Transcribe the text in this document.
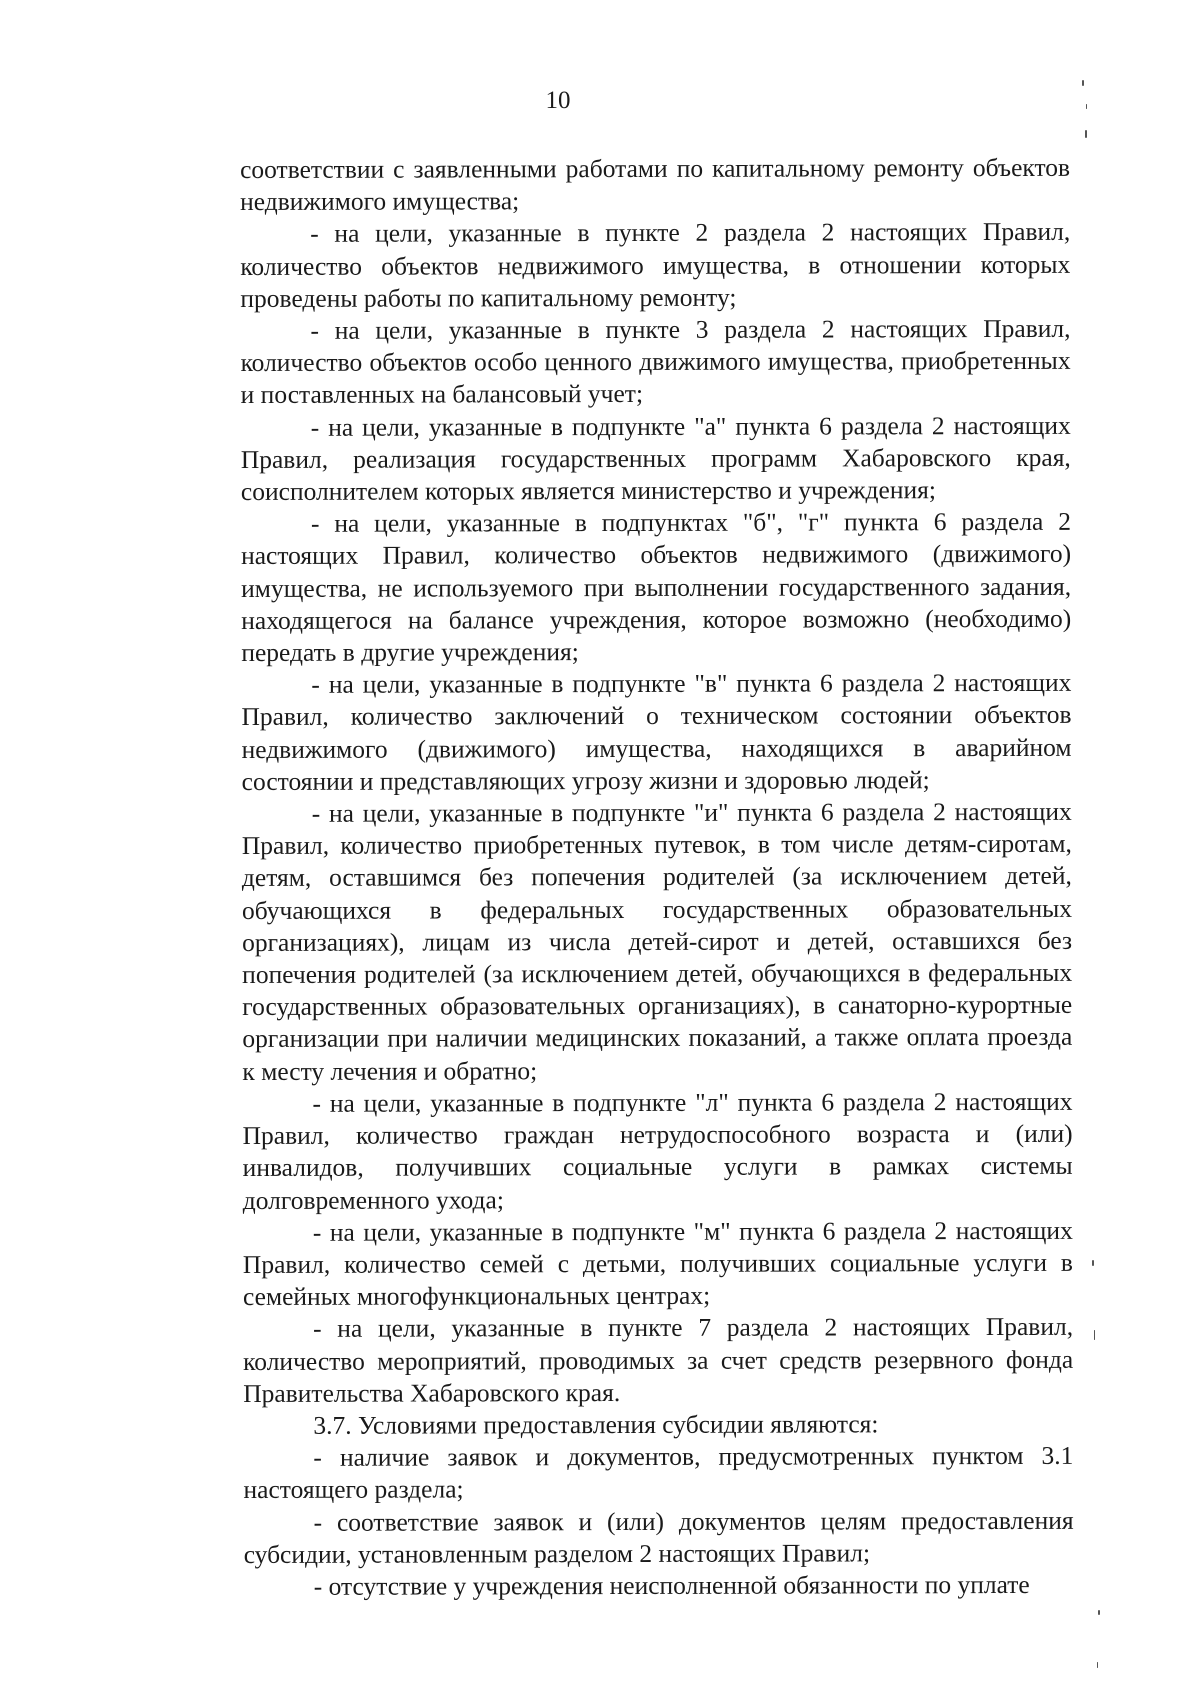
10

соответствии с заявленными работами по капитальному ремонту объектов недвижимого имущества;

- на цели, указанные в пункте 2 раздела 2 настоящих Правил, количество объектов недвижимого имущества, в отношении которых проведены работы по капитальному ремонту;

- на цели, указанные в пункте 3 раздела 2 настоящих Правил, количество объектов особо ценного движимого имущества, приобретенных и поставленных на балансовый учет;

- на цели, указанные в подпункте "а" пункта 6 раздела 2 настоящих Правил, реализация государственных программ Хабаровского края, соисполнителем которых является министерство и учреждения;

- на цели, указанные в подпунктах "б", "г" пункта 6 раздела 2 настоящих Правил, количество объектов недвижимого (движимого) имущества, не используемого при выполнении государственного задания, находящегося на балансе учреждения, которое возможно (необходимо) передать в другие учреждения;

- на цели, указанные в подпункте "в" пункта 6 раздела 2 настоящих Правил, количество заключений о техническом состоянии объектов недвижимого (движимого) имущества, находящихся в аварийном состоянии и представляющих угрозу жизни и здоровью людей;

- на цели, указанные в подпункте "и" пункта 6 раздела 2 настоящих Правил, количество приобретенных путевок, в том числе детям-сиротам, детям, оставшимся без попечения родителей (за исключением детей, обучающихся в федеральных государственных образовательных организациях), лицам из числа детей-сирот и детей, оставшихся без попечения родителей (за исключением детей, обучающихся в федеральных государственных образовательных организациях), в санаторно-курортные организации при наличии медицинских показаний, а также оплата проезда к месту лечения и обратно;

- на цели, указанные в подпункте "л" пункта 6 раздела 2 настоящих Правил, количество граждан нетрудоспособного возраста и (или) инвалидов, получивших социальные услуги в рамках системы долговременного ухода;

- на цели, указанные в подпункте "м" пункта 6 раздела 2 настоящих Правил, количество семей с детьми, получивших социальные услуги в семейных многофункциональных центрах;

- на цели, указанные в пункте 7 раздела 2 настоящих Правил, количество мероприятий, проводимых за счет средств резервного фонда Правительства Хабаровского края.

3.7. Условиями предоставления субсидии являются:

- наличие заявок и документов, предусмотренных пунктом 3.1 настоящего раздела;

- соответствие заявок и (или) документов целям предоставления субсидии, установленным разделом 2 настоящих Правил;

- отсутствие у учреждения неисполненной обязанности по уплате
